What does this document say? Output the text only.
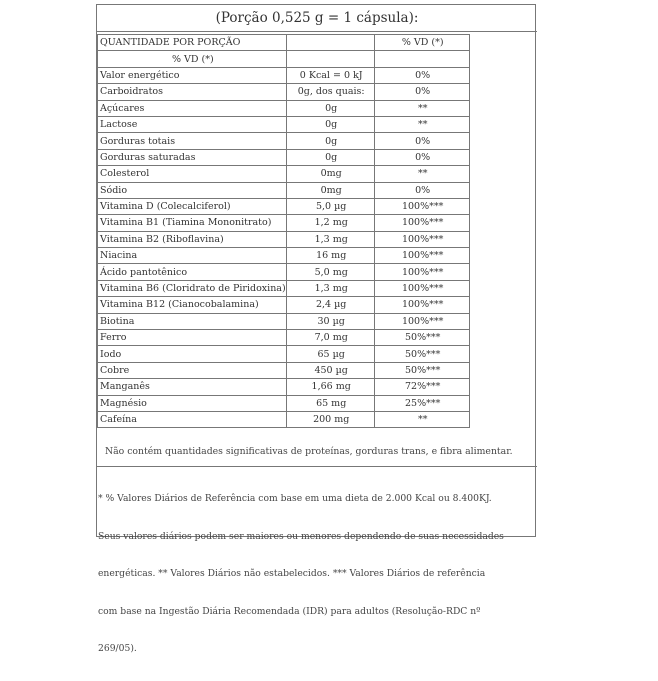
(Porção 0,525 g = 1 cápsula):
QUANTIDADE POR PORÇÃO		% VD (*)
% VD (*)		
Valor energético	0 Kcal = 0 kJ	0%
Carboidratos	0g, dos quais:	0%
Açúcares	0g	**
Lactose	0g	**
Gorduras totais	0g	0%
Gorduras saturadas	0g	0%
Colesterol	0mg	**
Sódio	0mg	0%
Vitamina D (Colecalciferol)	5,0 µg	100%***
Vitamina B1 (Tiamina Mononitrato)	1,2 mg	100%***
Vitamina B2 (Riboflavina)	1,3 mg	100%***
Niacina	16 mg	100%***
Ácido pantotênico	5,0 mg	100%***
Vitamina B6 (Cloridrato de Piridoxina)	1,3 mg	100%***
Vitamina B12 (Cianocobalamina)	2,4 µg	100%***
Biotina	30 µg	100%***
Ferro	7,0 mg	50%***
Iodo	65 µg	50%***
Cobre	450 µg	50%***
Manganês	1,66 mg	72%***
Magnésio	65 mg	25%***
Cafeína	200 mg	**
Não contém quantidades significativas de proteínas, gorduras trans, e fibra alimentar.

* % Valores Diários de Referência com base em uma dieta de 2.000 Kcal ou 8.400KJ.

Seus valores diários podem ser maiores ou menores dependendo de suas necessidades

energéticas. ** Valores Diários não estabelecidos. *** Valores Diários de referência

com base na Ingestão Diária Recomendada (IDR) para adultos (Resolução-RDC nº

269/05).
